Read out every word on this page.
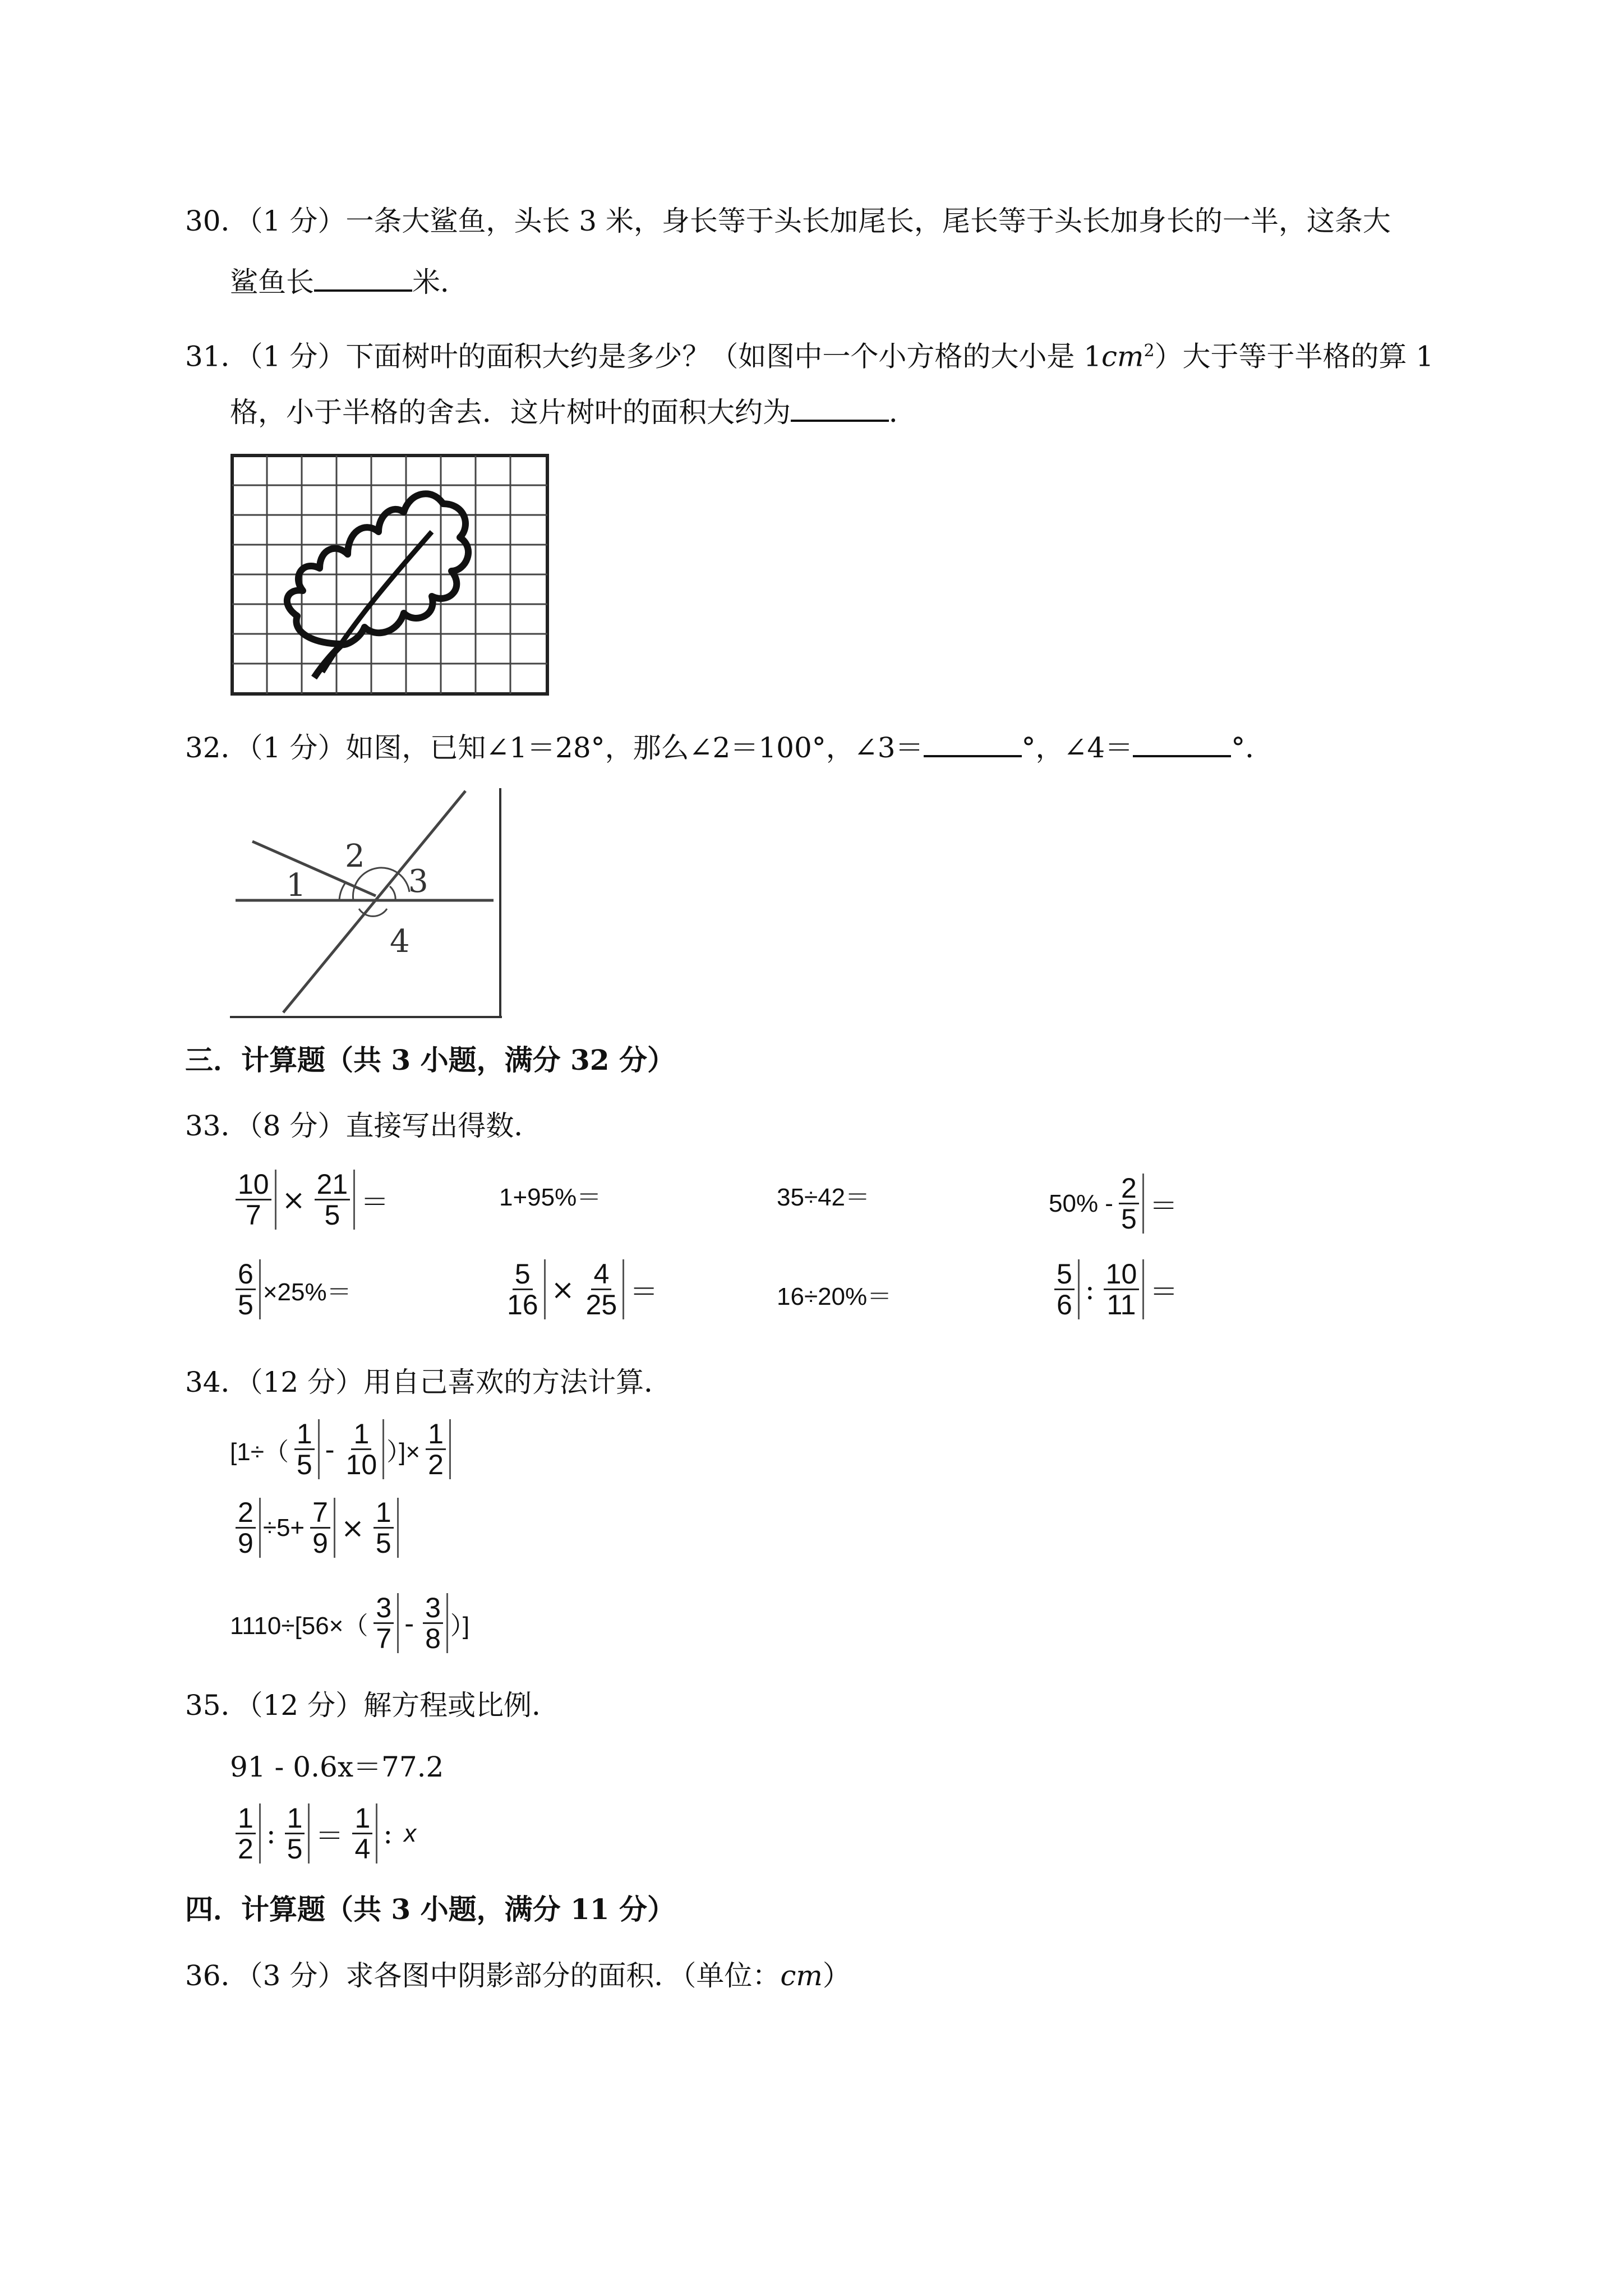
30．（1 分）一条大鲨鱼，头长 3 米，身长等于头长加尾长，尾长等于头长加身长的一半，这条大
鲨鱼长	米．
31．（1 分）下面树叶的面积大约是多少？（如图中一个小方格的大小是 $1cm^2$）大于等于半格的算 1
格，小于半格的舍去．这片树叶的面积大约为	．
32．（1 分）如图，已知∠1＝28°，那么∠2＝100°，∠3＝	°，∠4＝	°．
1
2
3
4
三．计算题（共 3 小题，满分 32 分）
33．（8 分）直接写出得数．
$\frac{10}{7} \times \frac{21}{5}$ ＝	1+95%＝	35÷42＝	$50\% - \frac{2}{5}$ ＝
$\frac{6}{5} \times 25\%=$	$\frac{5}{16} \times \frac{4}{25}$ ＝	16÷20%＝	$\frac{5}{6}$ : $\frac{10}{11}$ ＝
34．（12 分）用自己喜欢的方法计算．
[$1\div( \frac{1}{5} - \frac{1}{10}$ ）]× $\frac{1}{2}$
$\frac{2}{9} \div 5+ \frac{7}{9} \times \frac{1}{5}$
$1110\div[56\times( \frac{3}{7} - \frac{3}{8}$ ）]
35．（12 分）解方程或比例．
91 - 0.6x＝77.2
$\frac{1}{2}$ : $\frac{1}{5} = \frac{1}{4}$ : x
四．计算题（共 3 小题，满分 11 分）
36．（3 分）求各图中阴影部分的面积．（单位：cm）
